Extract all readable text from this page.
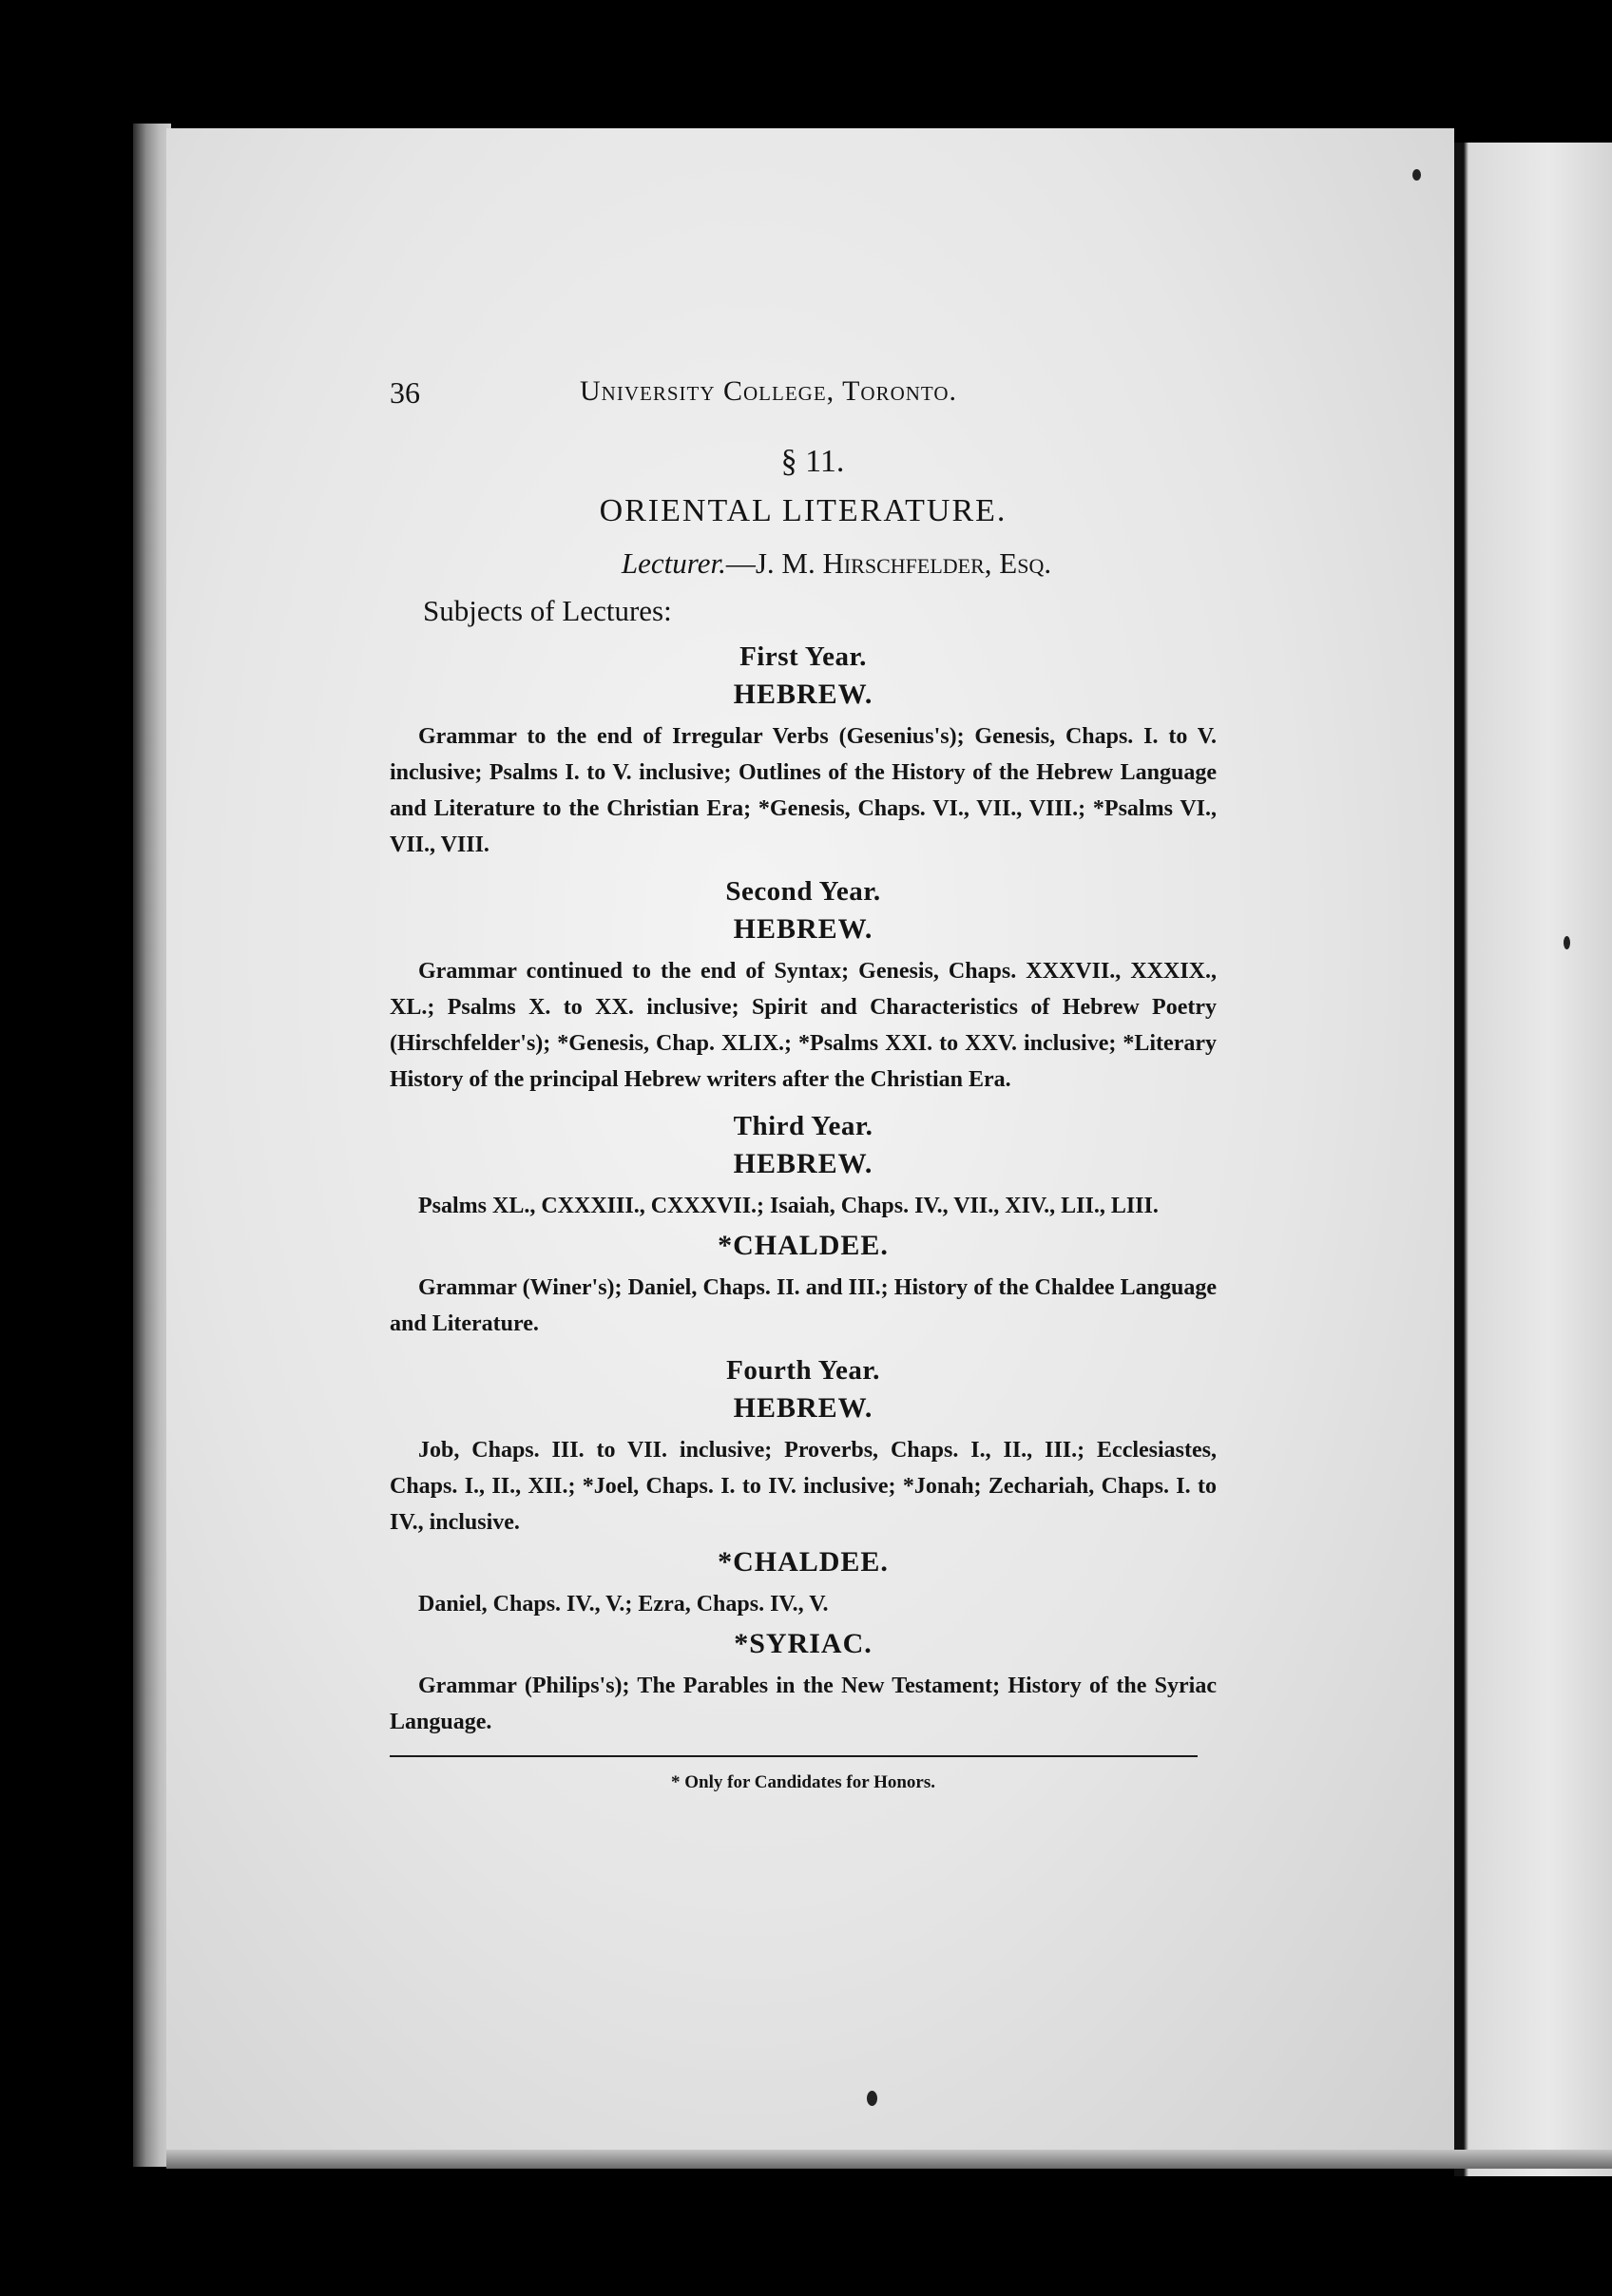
36	University College, Toronto.
§ 11.
ORIENTAL LITERATURE.
Lecturer.—J. M. Hirschfelder, Esq.
Subjects of Lectures:
First Year.
HEBREW.
Grammar to the end of Irregular Verbs (Gesenius's); Genesis, Chaps. I. to V. inclusive; Psalms I. to V. inclusive; Outlines of the History of the Hebrew Language and Literature to the Christian Era; *Genesis, Chaps. VI., VII., VIII.; *Psalms VI., VII., VIII.
Second Year.
HEBREW.
Grammar continued to the end of Syntax; Genesis, Chaps. XXXVII., XXXIX., XL.; Psalms X. to XX. inclusive; Spirit and Characteristics of Hebrew Poetry (Hirschfelder's); *Genesis, Chap. XLIX.; *Psalms XXI. to XXV. inclusive; *Literary History of the principal Hebrew writers after the Christian Era.
Third Year.
HEBREW.
Psalms XL., CXXXIII., CXXXVII.; Isaiah, Chaps. IV., VII., XIV., LII., LIII.
*CHALDEE.
Grammar (Winer's); Daniel, Chaps. II. and III.; History of the Chaldee Language and Literature.
Fourth Year.
HEBREW.
Job, Chaps. III. to VII. inclusive; Proverbs, Chaps. I., II., III.; Ecclesiastes, Chaps. I., II., XII.; *Joel, Chaps. I. to IV. inclusive; *Jonah; Zechariah, Chaps. I. to IV., inclusive.
*CHALDEE.
Daniel, Chaps. IV., V.; Ezra, Chaps. IV., V.
*SYRIAC.
Grammar (Philips's); The Parables in the New Testament; History of the Syriac Language.
* Only for Candidates for Honors.
